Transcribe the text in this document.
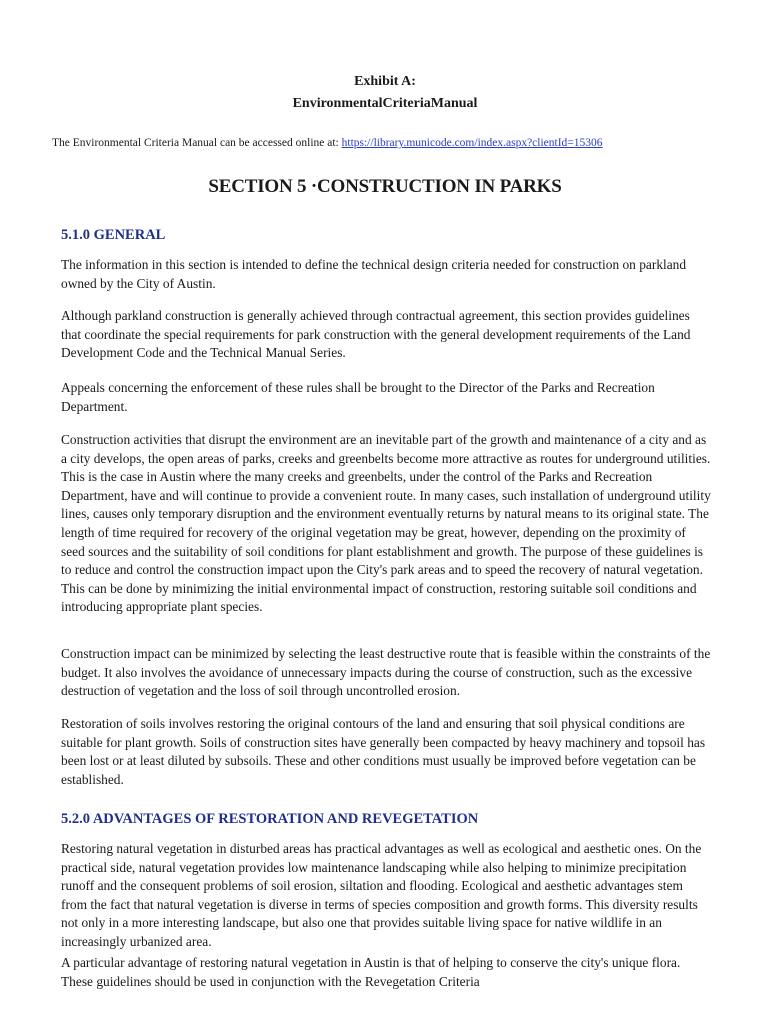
Exhibit A:
EnvironmentalCriteriaManual
The Environmental Criteria Manual can be accessed online at: https://library.municode.com/index.aspx?clientId=15306
SECTION 5 ·CONSTRUCTION IN PARKS
5.1.0 GENERAL

The information in this section is intended to define the technical design criteria needed for construction on parkland owned by the City of Austin.

Although parkland construction is generally achieved through contractual agreement, this section provides guidelines that coordinate the special requirements for park construction with the general development requirements of the Land Development Code and the Technical Manual Series.

Appeals concerning the enforcement of these rules shall be brought to the Director of the Parks and Recreation Department.

Construction activities that disrupt the environment are an inevitable part of the growth and maintenance of a city and as a city develops, the open areas of parks, creeks and greenbelts become more attractive as routes for underground utilities. This is the case in Austin where the many creeks and greenbelts, under the control of the Parks and Recreation Department, have and will continue to provide a convenient route. In many cases, such installation of underground utility lines, causes only temporary disruption and the environment eventually returns by natural means to its original state. The length of time required for recovery of the original vegetation may be great, however, depending on the proximity of seed sources and the suitability of soil conditions for plant establishment and growth. The purpose of these guidelines is to reduce and control the construction impact upon the City's park areas and to speed the recovery of natural vegetation. This can be done by minimizing the initial environmental impact of construction, restoring suitable soil conditions and introducing appropriate plant species.

Construction impact can be minimized by selecting the least destructive route that is feasible within the constraints of the budget. It also involves the avoidance of unnecessary impacts during the course of construction, such as the excessive destruction of vegetation and the loss of soil through uncontrolled erosion.

Restoration of soils involves restoring the original contours of the land and ensuring that soil physical conditions are suitable for plant growth. Soils of construction sites have generally been compacted by heavy machinery and topsoil has been lost or at least diluted by subsoils. These and other conditions must usually be improved before vegetation can be established.

5.2.0 ADVANTAGES OF RESTORATION AND REVEGETATION

Restoring natural vegetation in disturbed areas has practical advantages as well as ecological and aesthetic ones. On the practical side, natural vegetation provides low maintenance landscaping while also helping to minimize precipitation runoff and the consequent problems of soil erosion, siltation and flooding. Ecological and aesthetic advantages stem from the fact that natural vegetation is diverse in terms of species composition and growth forms. This diversity results not only in a more interesting landscape, but also one that provides suitable living space for native wildlife in an increasingly urbanized area.

A particular advantage of restoring natural vegetation in Austin is that of helping to conserve the city's unique flora. These guidelines should be used in conjunction with the Revegetation Criteria
